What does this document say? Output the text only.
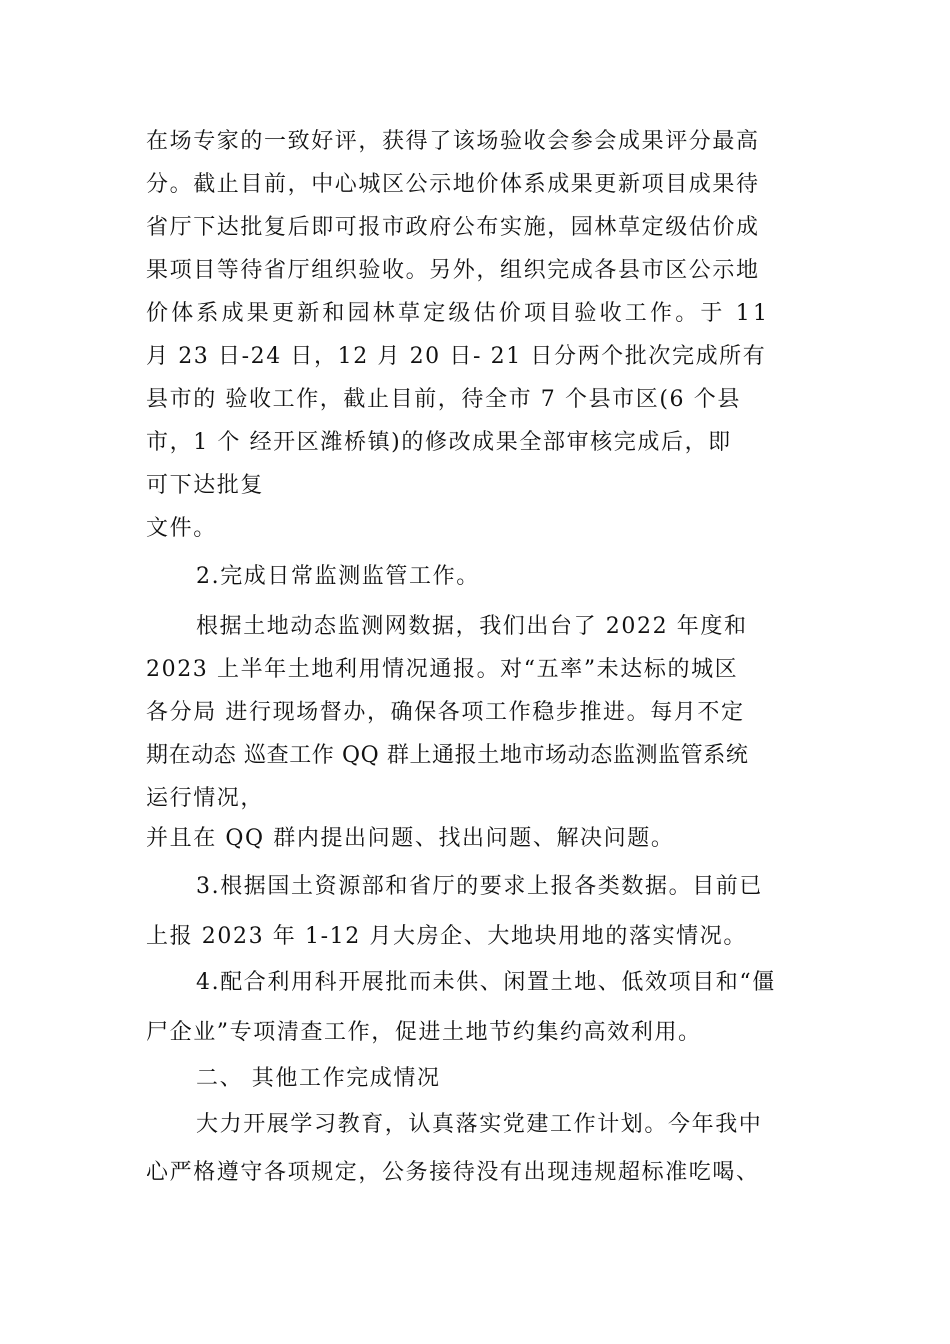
在场专家的一致好评，获得了该场验收会参会成果评分最高
分。截止目前，中心城区公示地价体系成果更新项目成果待
省厅下达批复后即可报市政府公布实施，园林草定级估价成
果项目等待省厅组织验收。另外，组织完成各县市区公示地
价体系成果更新和园林草定级估价项目验收工作。于 11
月 23 日-24 日，12 月 20 日- 21 日分两个批次完成所有
县市的 验收工作，截止目前，待全市 7 个县市区(6 个县
市，1 个 经开区潍桥镇)的修改成果全部审核完成后，即
可下达批复
文件。
2.完成日常监测监管工作。
根据土地动态监测网数据，我们出台了 2022 年度和
2023 上半年土地利用情况通报。对“五率”未达标的城区
各分局 进行现场督办，确保各项工作稳步推进。每月不定
期在动态 巡查工作 QQ 群上通报土地市场动态监测监管系统
运行情况，
并且在 QQ 群内提出问题、找出问题、解决问题。
3.根据国土资源部和省厅的要求上报各类数据。目前已
上报 2023 年 1-12 月大房企、大地块用地的落实情况。
4.配合利用科开展批而未供、闲置土地、低效项目和“僵
尸企业”专项清查工作，促进土地节约集约高效利用。
二、 其他工作完成情况
大力开展学习教育，认真落实党建工作计划。今年我中
心严格遵守各项规定，公务接待没有出现违规超标准吃喝、
